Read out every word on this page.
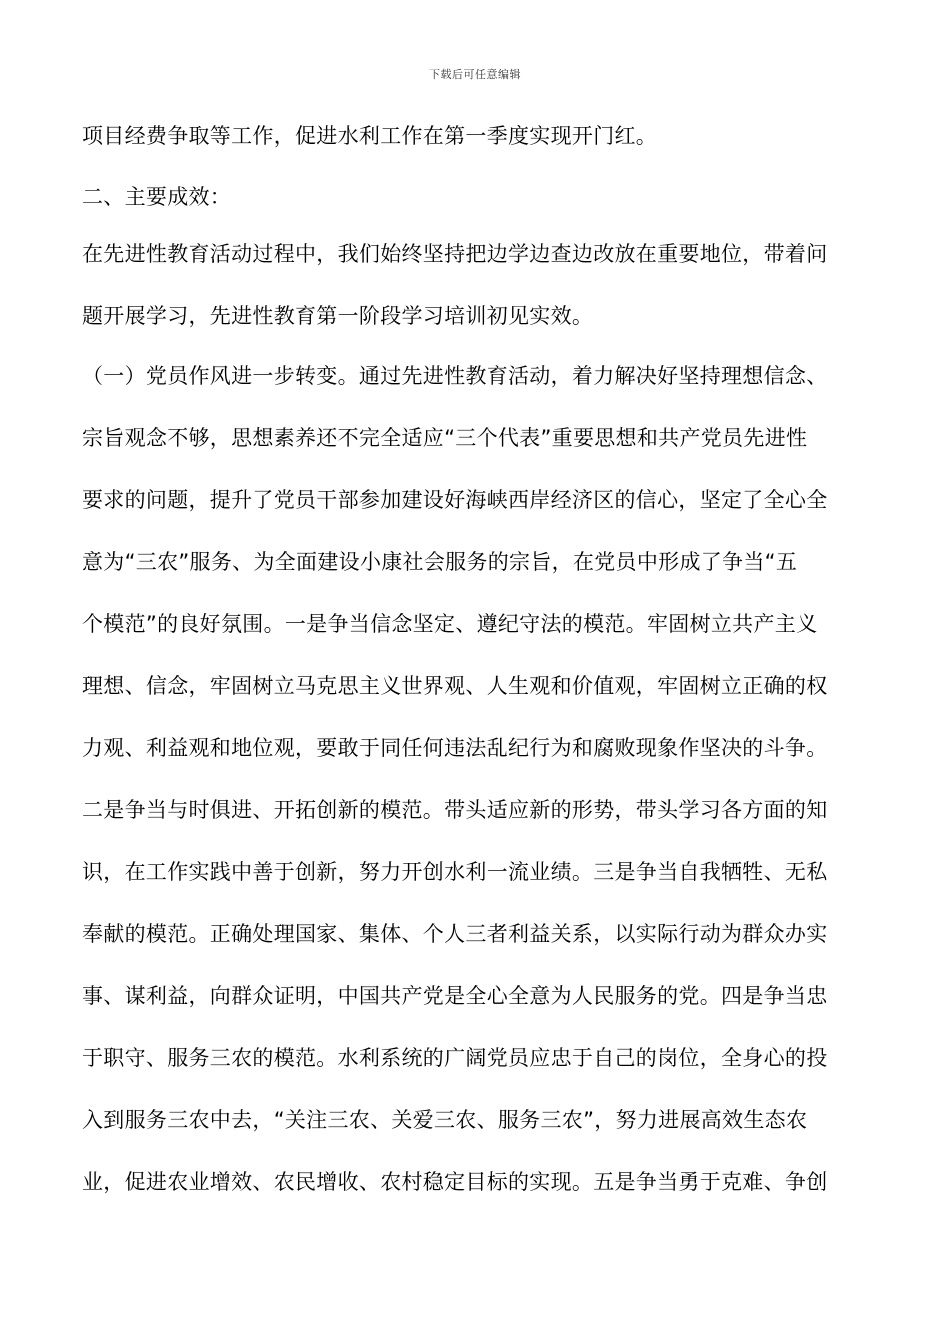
下载后可任意编辑
项目经费争取等工作，促进水利工作在第一季度实现开门红。
二、主要成效：
在先进性教育活动过程中，我们始终坚持把边学边查边改放在重要地位，带着问
题开展学习，先进性教育第一阶段学习培训初见实效。
（一）党员作风进一步转变。通过先进性教育活动，着力解决好坚持理想信念、
宗旨观念不够，思想素养还不完全适应“三个代表”重要思想和共产党员先进性
要求的问题，提升了党员干部参加建设好海峡西岸经济区的信心，坚定了全心全
意为“三农”服务、为全面建设小康社会服务的宗旨，在党员中形成了争当“五
个模范”的良好氛围。一是争当信念坚定、遵纪守法的模范。牢固树立共产主义
理想、信念，牢固树立马克思主义世界观、人生观和价值观，牢固树立正确的权
力观、利益观和地位观，要敢于同任何违法乱纪行为和腐败现象作坚决的斗争。
二是争当与时俱进、开拓创新的模范。带头适应新的形势，带头学习各方面的知
识，在工作实践中善于创新，努力开创水利一流业绩。三是争当自我牺牲、无私
奉献的模范。正确处理国家、集体、个人三者利益关系，以实际行动为群众办实
事、谋利益，向群众证明，中国共产党是全心全意为人民服务的党。四是争当忠
于职守、服务三农的模范。水利系统的广阔党员应忠于自己的岗位，全身心的投
入到服务三农中去，“关注三农、关爱三农、服务三农”，努力进展高效生态农
业，促进农业增效、农民增收、农村稳定目标的实现。五是争当勇于克难、争创
